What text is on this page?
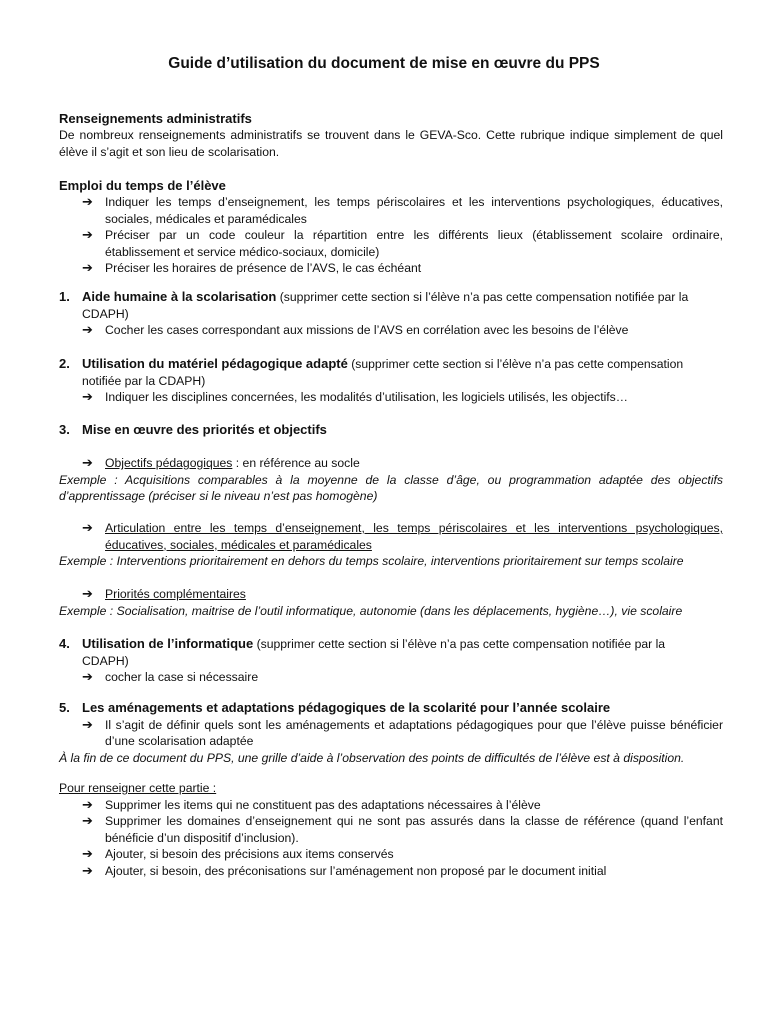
Guide d’utilisation du document de mise en œuvre du PPS

Renseignements administratifs

De nombreux renseignements administratifs se trouvent dans le GEVA-Sco. Cette rubrique indique simplement de quel élève il s’agit et son lieu de scolarisation.

Emploi du temps de l’élève

➔ Indiquer les temps d’enseignement, les temps périscolaires et les interventions psychologiques, éducatives, sociales, médicales et paramédicales
➔ Préciser par un code couleur la répartition entre les différents lieux (établissement scolaire ordinaire, établissement et service médico-sociaux, domicile)
➔ Préciser les horaires de présence de l’AVS, le cas échéant

1. Aide humaine à la scolarisation (supprimer cette section si l’élève n’a pas cette compensation notifiée par la

CDAPH)

➔ Cocher les cases correspondant aux missions de l’AVS en corrélation avec les besoins de l’élève

2. Utilisation du matériel pédagogique adapté (supprimer cette section si l’élève n’a pas cette compensation

notifiée par la CDAPH)

➔ Indiquer les disciplines concernées, les modalités d’utilisation, les logiciels utilisés, les objectifs…

3. Mise en œuvre des priorités et objectifs

➔ Objectifs pédagogiques : en référence au socle

Exemple : Acquisitions comparables à la moyenne de la classe d’âge, ou programmation adaptée des objectifs d’apprentissage (préciser si le niveau n’est pas homogène)

➔ Articulation entre les temps d’enseignement, les temps périscolaires et les interventions psychologiques, éducatives, sociales, médicales et paramédicales

Exemple : Interventions prioritairement en dehors du temps scolaire, interventions prioritairement sur temps scolaire

➔ Priorités complémentaires

Exemple : Socialisation, maitrise de l’outil informatique, autonomie (dans les déplacements, hygiène…), vie scolaire

4. Utilisation de l’informatique (supprimer cette section si l’élève n’a pas cette compensation notifiée par la

CDAPH)

➔ cocher la case si nécessaire

5. Les aménagements et adaptations pédagogiques de la scolarité pour l’année scolaire

➔ Il s’agit de définir quels sont les aménagements et adaptations pédagogiques pour que l’élève puisse bénéficier d’une scolarisation adaptée

À la fin de ce document du PPS, une grille d’aide à l’observation des points de difficultés de l’élève est à disposition.

Pour renseigner cette partie :

➔ Supprimer les items qui ne constituent pas des adaptations nécessaires à l’élève
➔ Supprimer les domaines d’enseignement qui ne sont pas assurés dans la classe de référence (quand l’enfant bénéficie d’un dispositif d’inclusion).
➔ Ajouter, si besoin des précisions aux items conservés
➔ Ajouter, si besoin, des préconisations sur l’aménagement non proposé par le document initial
